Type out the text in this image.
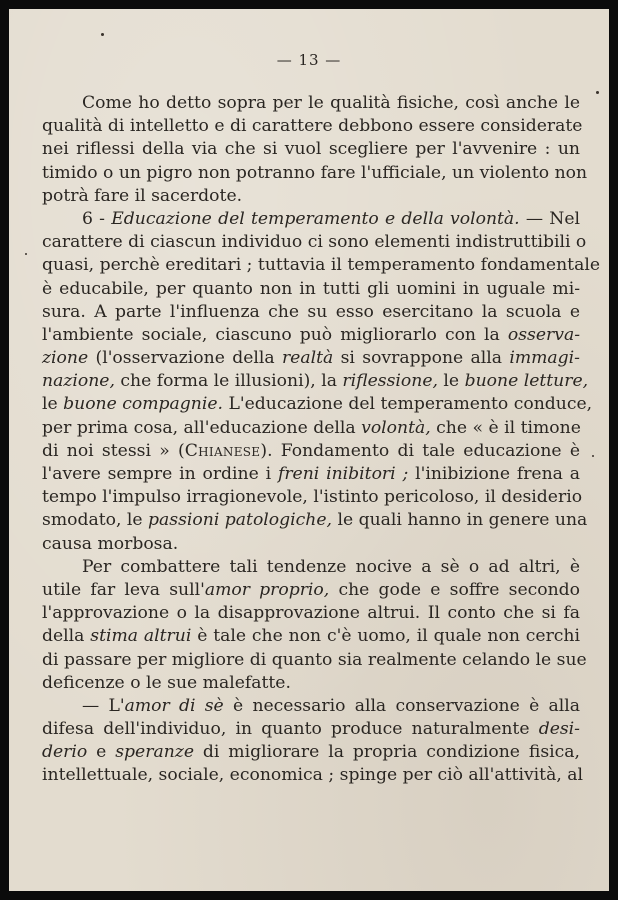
— 13 —
Come ho detto sopra per le qualità fisiche, così anche le
qualità di intelletto e di carattere debbono essere considerate
nei riflessi della via che si vuol scegliere per l'avvenire : un
timido o un pigro non potranno fare l'ufficiale, un violento non
potrà fare il sacerdote.
6 - Educazione del temperamento e della volontà. — Nel
carattere di ciascun individuo ci sono elementi indistruttibili o
quasi, perchè ereditari ; tuttavia il temperamento fondamentale
è educabile, per quanto non in tutti gli uomini in uguale mi-
sura. A parte l'influenza che su esso esercitano la scuola e
l'ambiente sociale, ciascuno può migliorarlo con la osserva-
zione (l'osservazione della realtà si sovrappone alla immagi-
nazione, che forma le illusioni), la riflessione, le buone letture,
le buone compagnie. L'educazione del temperamento conduce,
per prima cosa, all'educazione della volontà, che « è il timone
di noi stessi » (Chianese). Fondamento di tale educazione è
l'avere sempre in ordine i freni inibitori ; l'inibizione frena a
tempo l'impulso irragionevole, l'istinto pericoloso, il desiderio
smodato, le passioni patologiche, le quali hanno in genere una
causa morbosa.
Per combattere tali tendenze nocive a sè o ad altri, è
utile far leva sull'amor proprio, che gode e soffre secondo
l'approvazione o la disapprovazione altrui. Il conto che si fa
della stima altrui è tale che non c'è uomo, il quale non cerchi
di passare per migliore di quanto sia realmente celando le sue
deficenze o le sue malefatte.
— L'amor di sè è necessario alla conservazione è alla
difesa dell'individuo, in quanto produce naturalmente desi-
derio e speranze di migliorare la propria condizione fisica,
intellettuale, sociale, economica ; spinge per ciò all'attività, al
